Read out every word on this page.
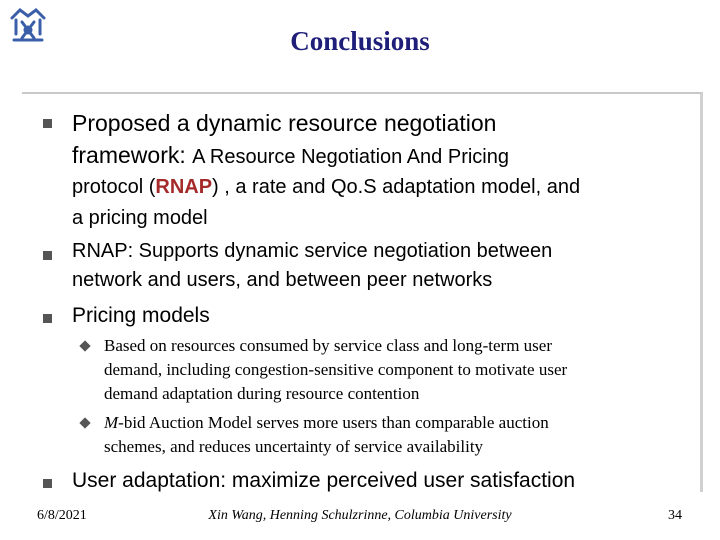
Conclusions
Proposed a dynamic resource negotiation
framework: A Resource Negotiation And Pricing
protocol (RNAP) , a rate and Qo.S adaptation model, and
a pricing model
RNAP: Supports dynamic service negotiation between
network and users, and between peer networks
Pricing models
Based on resources consumed by service class and long-term user
demand, including congestion-sensitive component to motivate user
demand adaptation during resource contention
M-bid Auction Model serves more users than comparable auction
schemes, and reduces uncertainty of service availability
User adaptation: maximize perceived user satisfaction
6/8/2021	Xin Wang, Henning Schulzrinne, Columbia University	34
